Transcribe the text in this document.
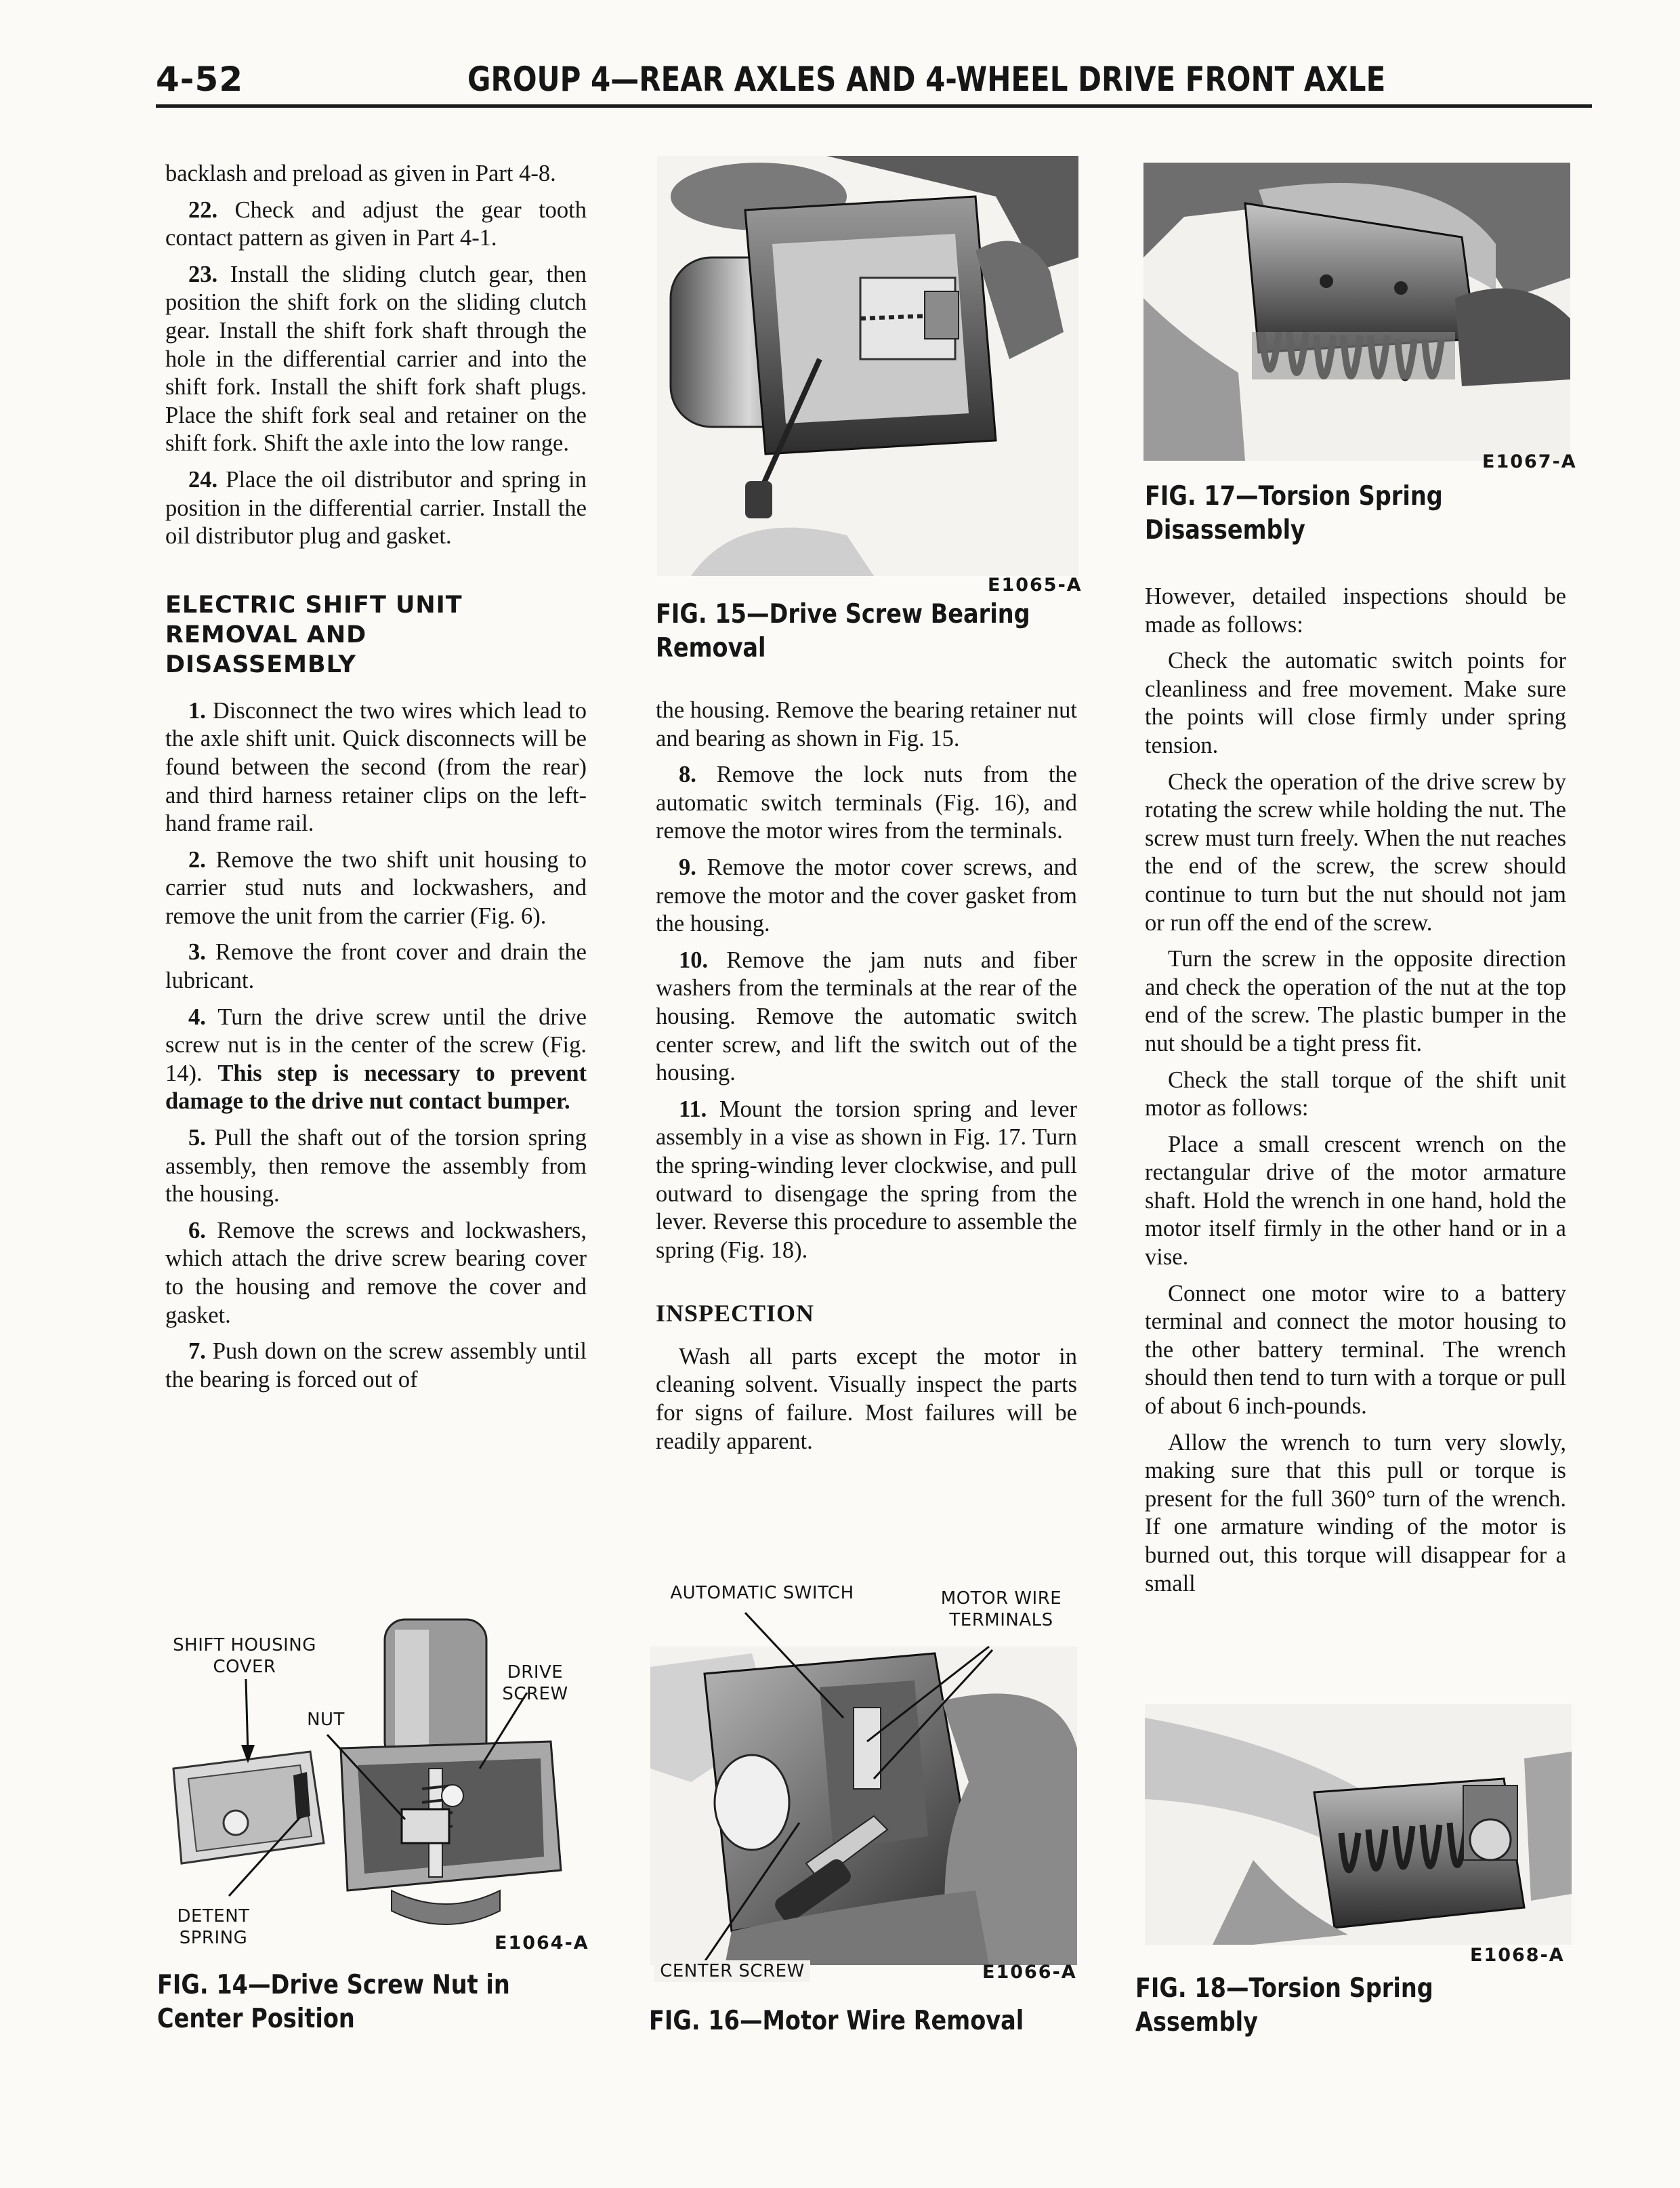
4-52	GROUP 4—REAR AXLES AND 4-WHEEL DRIVE FRONT AXLE

backlash and preload as given in Part 4-8.

22. Check and adjust the gear tooth contact pattern as given in Part 4-1.

23. Install the sliding clutch gear, then position the shift fork on the sliding clutch gear. Install the shift fork shaft through the hole in the differential carrier and into the shift fork. Install the shift fork shaft plugs. Place the shift fork seal and retainer on the shift fork. Shift the axle into the low range.

24. Place the oil distributor and spring in position in the differential carrier. Install the oil distributor plug and gasket.

ELECTRIC SHIFT UNIT REMOVAL AND DISASSEMBLY

1. Disconnect the two wires which lead to the axle shift unit. Quick disconnects will be found between the second (from the rear) and third harness retainer clips on the left-hand frame rail.

2. Remove the two shift unit housing to carrier stud nuts and lockwashers, and remove the unit from the carrier (Fig. 6).

3. Remove the front cover and drain the lubricant.

4. Turn the drive screw until the drive screw nut is in the center of the screw (Fig. 14). This step is necessary to prevent damage to the drive nut contact bumper.

5. Pull the shaft out of the torsion spring assembly, then remove the assembly from the housing.

6. Remove the screws and lockwashers, which attach the drive screw bearing cover to the housing and remove the cover and gasket.

7. Push down on the screw assembly until the bearing is forced out of

SHIFT HOUSING
COVER
NUT
DRIVE
SCREW
DETENT
SPRING	E1064-A
FIG. 14—Drive Screw Nut in
Center Position
E1065-A
FIG. 15—Drive Screw Bearing
Removal

the housing. Remove the bearing retainer nut and bearing as shown in Fig. 15.

8. Remove the lock nuts from the automatic switch terminals (Fig. 16), and remove the motor wires from the terminals.

9. Remove the motor cover screws, and remove the motor and the cover gasket from the housing.

10. Remove the jam nuts and fiber washers from the terminals at the rear of the housing. Remove the automatic switch center screw, and lift the switch out of the housing.

11. Mount the torsion spring and lever assembly in a vise as shown in Fig. 17. Turn the spring-winding lever clockwise, and pull outward to disengage the spring from the lever. Reverse this procedure to assemble the spring (Fig. 18).

INSPECTION

Wash all parts except the motor in cleaning solvent. Visually inspect the parts for signs of failure. Most failures will be readily apparent.

AUTOMATIC SWITCH	MOTOR WIRE
TERMINALS
CENTER SCREW	E1066-A
FIG. 16—Motor Wire Removal
E1067-A
FIG. 17—Torsion Spring
Disassembly

However, detailed inspections should be made as follows:

Check the automatic switch points for cleanliness and free movement. Make sure the points will close firmly under spring tension.

Check the operation of the drive screw by rotating the screw while holding the nut. The screw must turn freely. When the nut reaches the end of the screw, the screw should continue to turn but the nut should not jam or run off the end of the screw.

Turn the screw in the opposite direction and check the operation of the nut at the top end of the screw. The plastic bumper in the nut should be a tight press fit.

Check the stall torque of the shift unit motor as follows:

Place a small crescent wrench on the rectangular drive of the motor armature shaft. Hold the wrench in one hand, hold the motor itself firmly in the other hand or in a vise.

Connect one motor wire to a battery terminal and connect the motor housing to the other battery terminal. The wrench should then tend to turn with a torque or pull of about 6 inch-pounds.

Allow the wrench to turn very slowly, making sure that this pull or torque is present for the full 360° turn of the wrench. If one armature winding of the motor is burned out, this torque will disappear for a small

E1068-A
FIG. 18—Torsion Spring
Assembly
